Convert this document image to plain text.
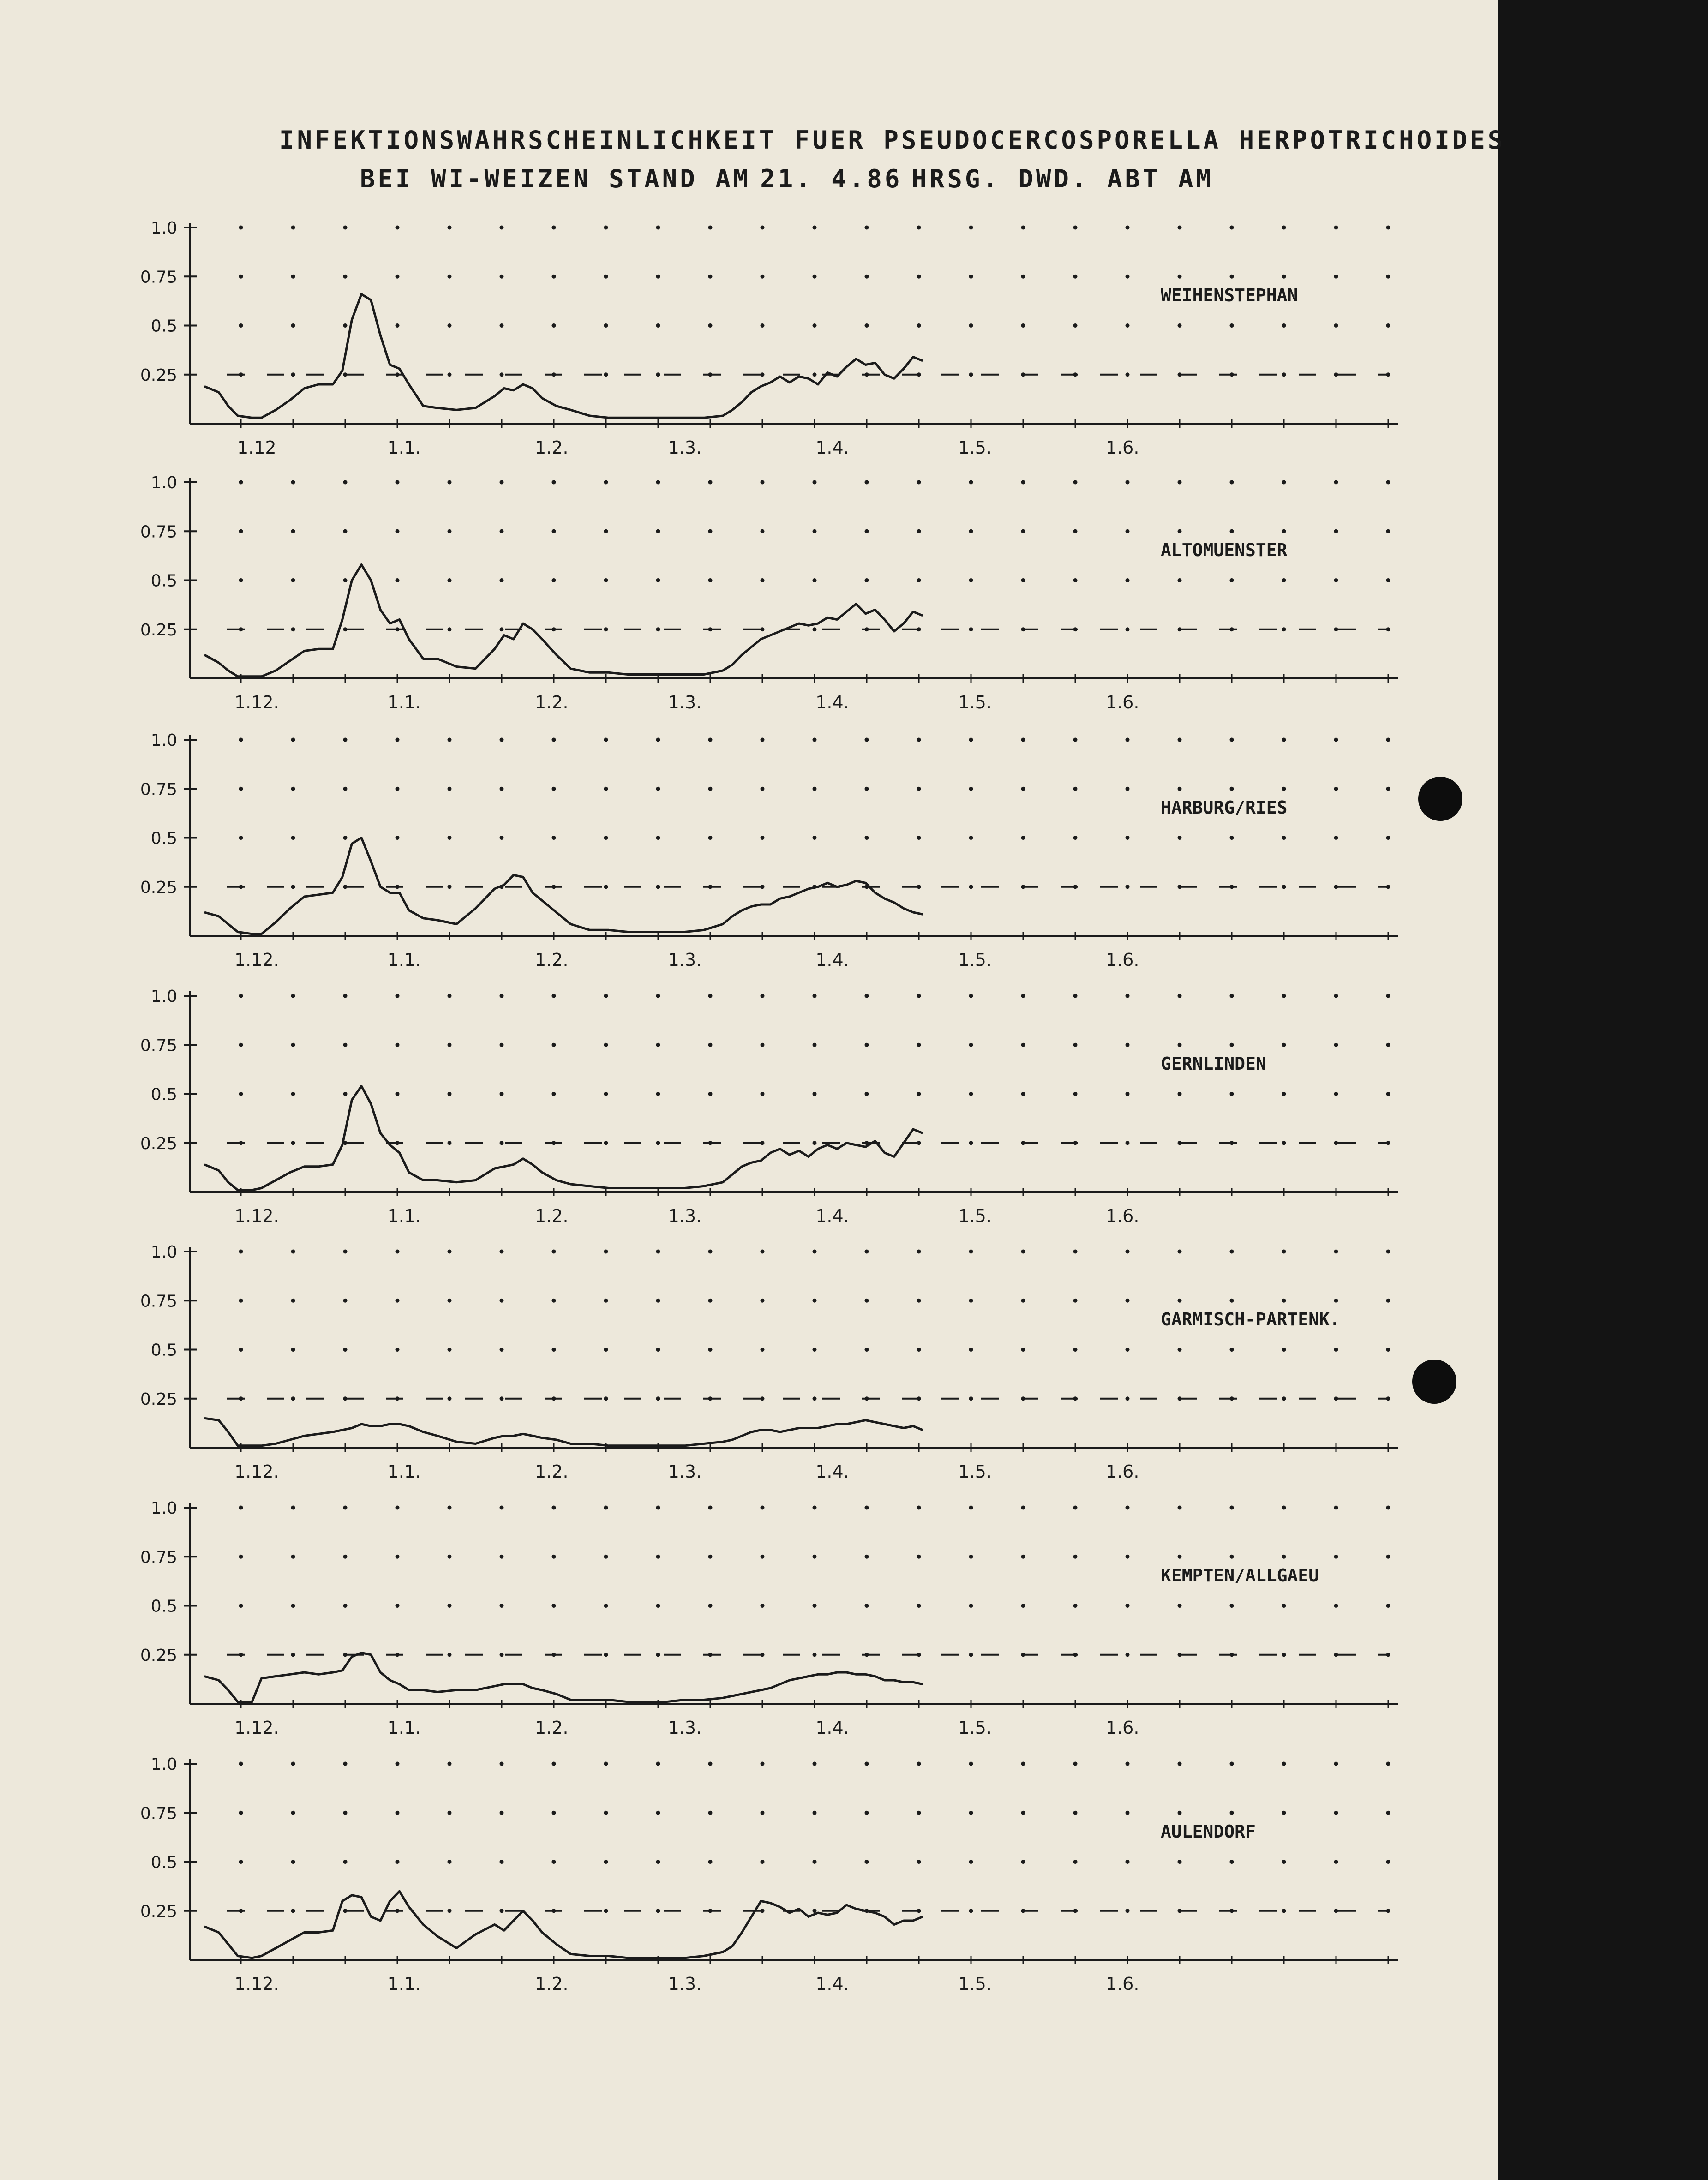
INFEKTIONSWAHRSCHEINLICHKEIT FUER PSEUDOCERCOSPORELLA HERPOTRICHOIDES
BEI WI-WEIZEN STAND AM 21. 4.86 HRSG. DWD. ABT AM
1.0
0.75
0.5
0.25
1.12	1.1.	1.2.	1.3.	1.4.	1.5.	1.6.
WEIHENSTEPHAN
1.0
0.75
0.5
0.25
1.12.	1.1.	1.2.	1.3.	1.4.	1.5.	1.6.
ALTOMUENSTER
1.0
0.75
0.5
0.25
1.12.	1.1.	1.2.	1.3.	1.4.	1.5.	1.6.
HARBURG/RIES
1.0
0.75
0.5
0.25
1.12.	1.1.	1.2.	1.3.	1.4.	1.5.	1.6.
GERNLINDEN
1.0
0.75
0.5
0.25
1.12.	1.1.	1.2.	1.3.	1.4.	1.5.	1.6.
GARMISCH-PARTENK.
1.0
0.75
0.5
0.25
1.12.	1.1.	1.2.	1.3.	1.4.	1.5.	1.6.
KEMPTEN/ALLGAEU
1.0
0.75
0.5
0.25
1.12.	1.1.	1.2.	1.3.	1.4.	1.5.	1.6.
AULENDORF
